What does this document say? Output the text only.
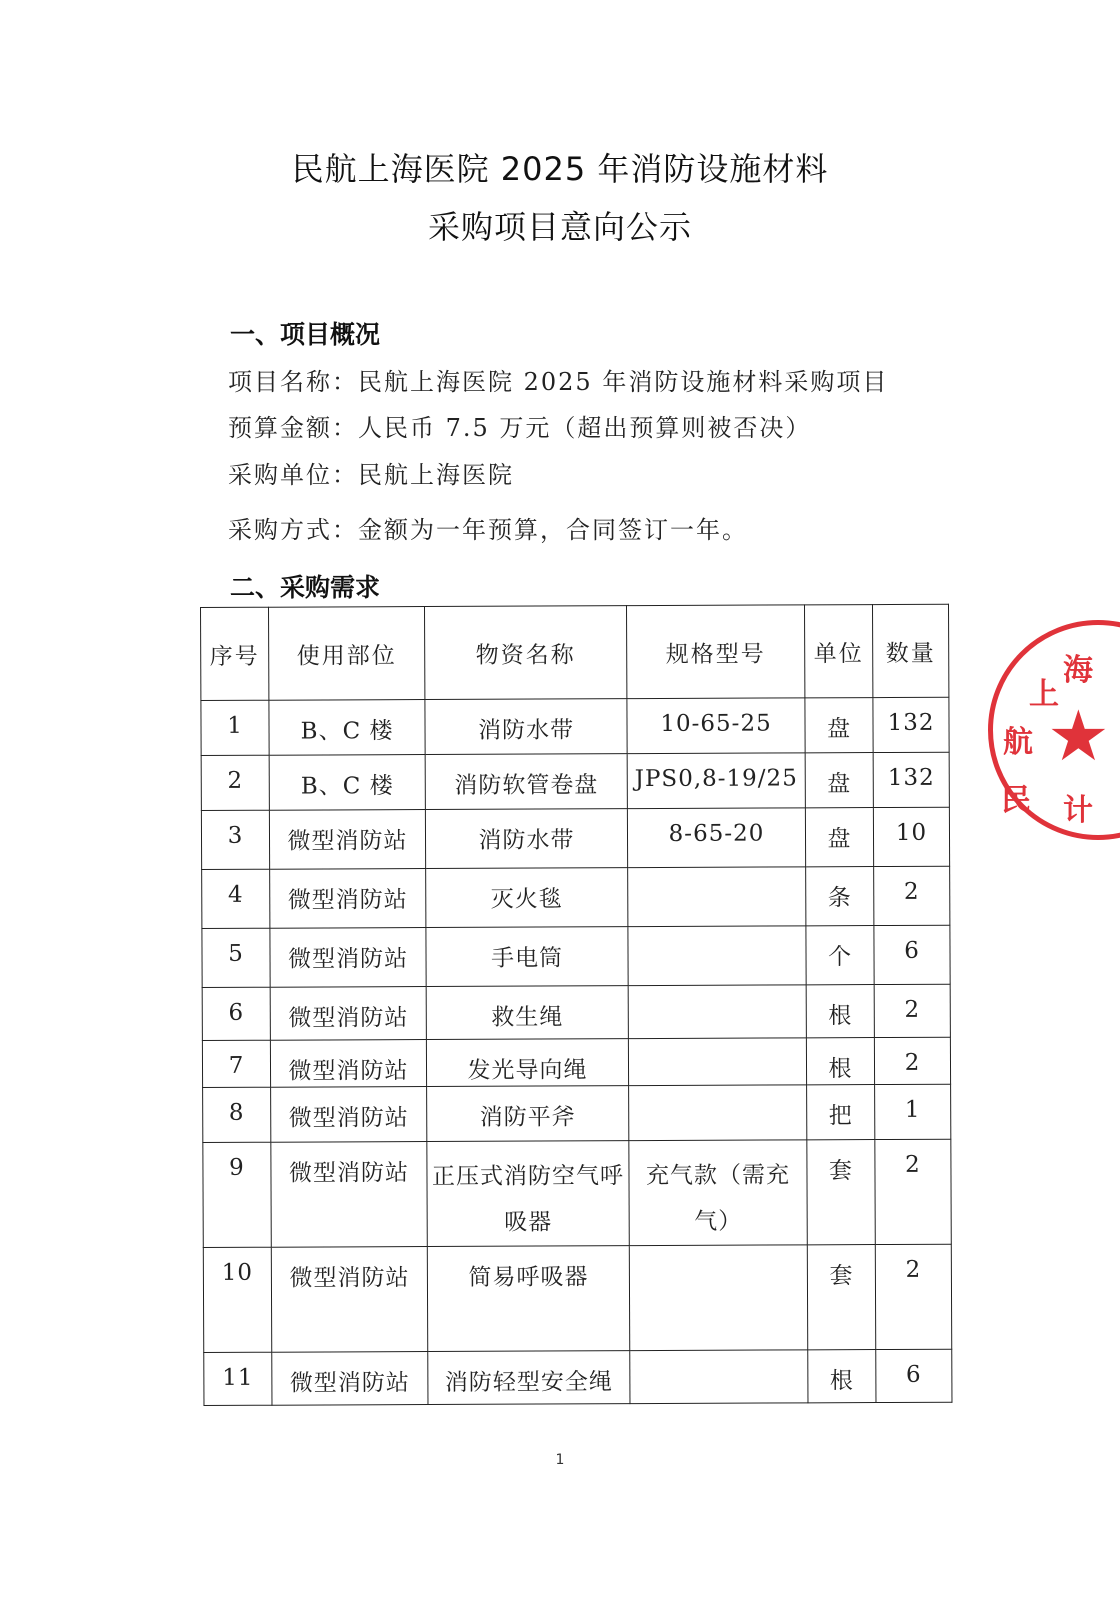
民航上海医院 2025 年消防设施材料
采购项目意向公示
一、项目概况
项目名称：民航上海医院 2025 年消防设施材料采购项目
预算金额：人民币 7.5 万元（超出预算则被否决）
采购单位：民航上海医院
采购方式：金额为一年预算，合同签订一年。
二、采购需求
序号	使用部位	物资名称	规格型号	单位	数量
1	B、C 楼	消防水带	10-65-25	盘	132
2	B、C 楼	消防软管卷盘	JPS0,8-19/25	盘	132
3	微型消防站	消防水带	8-65-20	盘	10
4	微型消防站	灭火毯		条	2
5	微型消防站	手电筒		个	6
6	微型消防站	救生绳		根	2
7	微型消防站	发光导向绳		根	2
8	微型消防站	消防平斧		把	1
9	微型消防站	正压式消防空气呼吸器	充气款（需充气）	套	2
10	微型消防站	简易呼吸器		套	2
11	微型消防站	消防轻型安全绳		根	6
海
上
航
民 计
★
1
